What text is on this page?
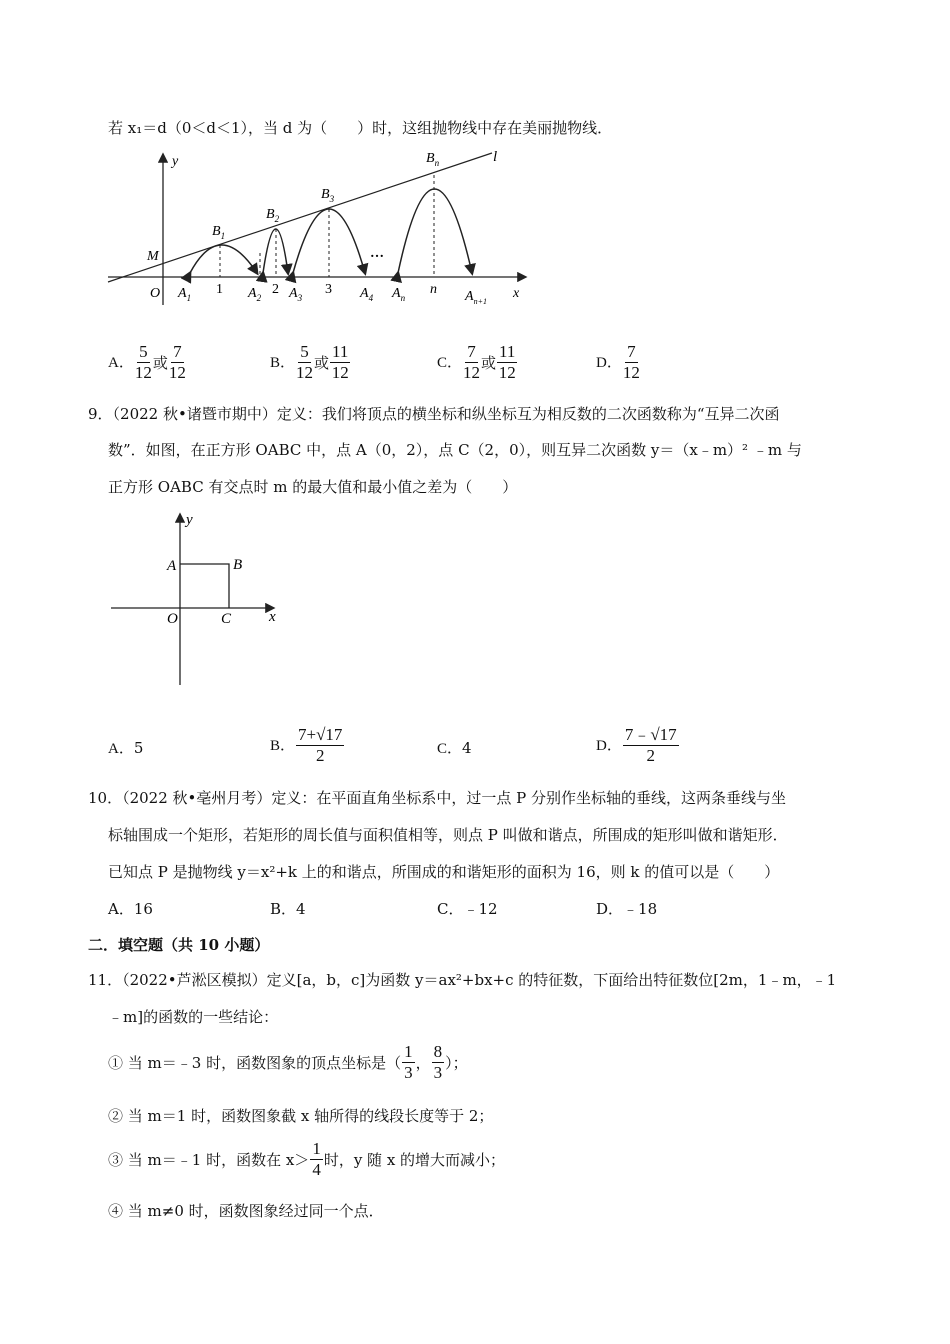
若 x₁＝d（0＜d＜1），当 d 为（　　）时，这组抛物线中存在美丽抛物线．
y	l
M
O	x
$B_1$
$B_2$
$B_3$
$B_n$
$A_1$	$A_2$ $A_3$	$A_4$ $A_n$	$A_{n+1}$
1	2	3	n
…
A． $\frac{5}{12}$ 或 $\frac{7}{12}$	B． $\frac{5}{12}$ 或 $\frac{11}{12}$	C． $\frac{7}{12}$ 或 $\frac{11}{12}$	D． $\frac{7}{12}$
9．（2022 秋•诸暨市期中）定义：我们将顶点的横坐标和纵坐标互为相反数的二次函数称为“互异二次函
数”．如图，在正方形 OABC 中，点 A（0，2），点 C（2，0），则互异二次函数 y＝（x﹣m）² ﹣m 与
正方形 OABC 有交点时 m 的最大值和最小值之差为（　　）
y
A	B
O	C	x
A．5	B． $\frac{7+√17}{2}$	C．4	D． $\frac{7﹣√17}{2}$
10．（2022 秋•亳州月考）定义：在平面直角坐标系中，过一点 P 分别作坐标轴的垂线，这两条垂线与坐
标轴围成一个矩形，若矩形的周长值与面积值相等，则点 P 叫做和谐点，所围成的矩形叫做和谐矩形．
已知点 P 是抛物线 y＝x²+k 上的和谐点，所围成的和谐矩形的面积为 16，则 k 的值可以是（　　）
A．16	B．4	C．﹣12	D．﹣18
二．填空题（共 10 小题）
11．（2022•芦淞区模拟）定义[a，b，c]为函数 y＝ax²+bx+c 的特征数，下面给出特征数位[2m，1﹣m，﹣1
﹣m]的函数的一些结论：
① 当 m＝﹣3 时，函数图象的顶点坐标是（ $\frac{1}{3}$ ， $\frac{8}{3}$ ）；
② 当 m＝1 时，函数图象截 x 轴所得的线段长度等于 2；
③ 当 m＝﹣1 时，函数在 $x> \frac{1}{4}$ 时，y 随 x 的增大而减小；
④ 当 m≠0 时，函数图象经过同一个点．
